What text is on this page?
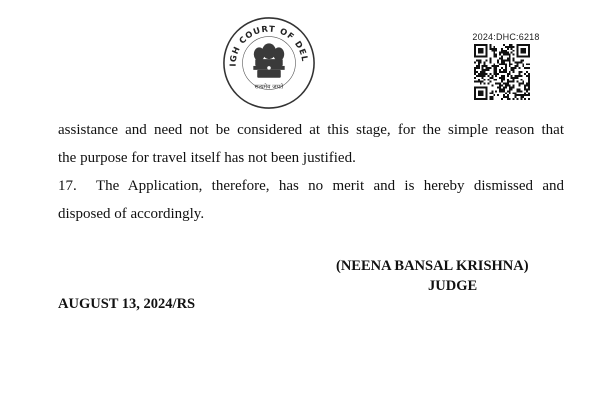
IGH COURT OF DEL
सत्यमेव जयते
2024:DHC:6218
assistance and need not be considered at this stage, for the simple reason that
the purpose for travel itself has not been justified.
17. The Application, therefore, has no merit and is hereby dismissed and
disposed of accordingly.
(NEENA BANSAL KRISHNA)
JUDGE
AUGUST 13, 2024/RS
